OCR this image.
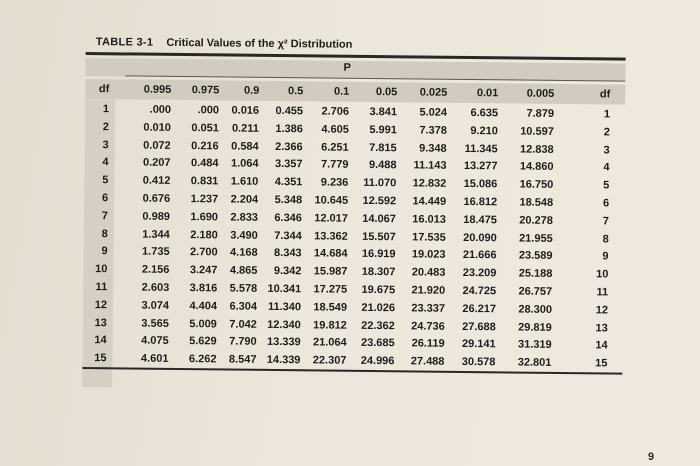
TABLE 3-1 Critical Values of the χ² Distribution
P
df	0.995 0.975 0.9	0.5	0.1 0.05 0.025	0.01	0.005	df
1	.000 .000 0.016 0.455 2.706 3.841 5.024 6.635	7.879	1
2	0.010 0.051 0.211 1.386 4.605 5.991 7.378 9.210 10.597	2
3	0.072 0.216 0.584 2.366 6.251 7.815 9.348 11.345 12.838	3
4	0.207 0.484 1.064 3.357 7.779 9.488 11.143 13.277 14.860	4
5	0.412 0.831 1.610 4.351 9.236 11.070 12.832 15.086 16.750	5
6	0.676 1.237 2.204 5.348 10.645 12.592 14.449 16.812 18.548	6
7	0.989 1.690 2.833 6.346 12.017 14.067 16.013 18.475 20.278	7
8	1.344 2.180 3.490 7.344 13.362 15.507 17.535 20.090 21.955	8
9	1.735 2.700 4.168 8.343 14.684 16.919 19.023 21.666 23.589	9
10	2.156 3.247 4.865 9.342 15.987 18.307 20.483 23.209 25.188	10
11	2.603 3.816 5.578 10.341 17.275 19.675 21.920 24.725 26.757	11
12	3.074 4.404 6.304 11.340 18.549 21.026 23.337 26.217 28.300	12
13	3.565 5.009 7.042 12.340 19.812 22.362 24.736 27.688 29.819	13
14	4.075 5.629 7.790 13.339 21.064 23.685 26.119 29.141 31.319	14
15	4.601 6.262 8.547 14.339 22.307 24.996 27.488 30.578 32.801	15
9
